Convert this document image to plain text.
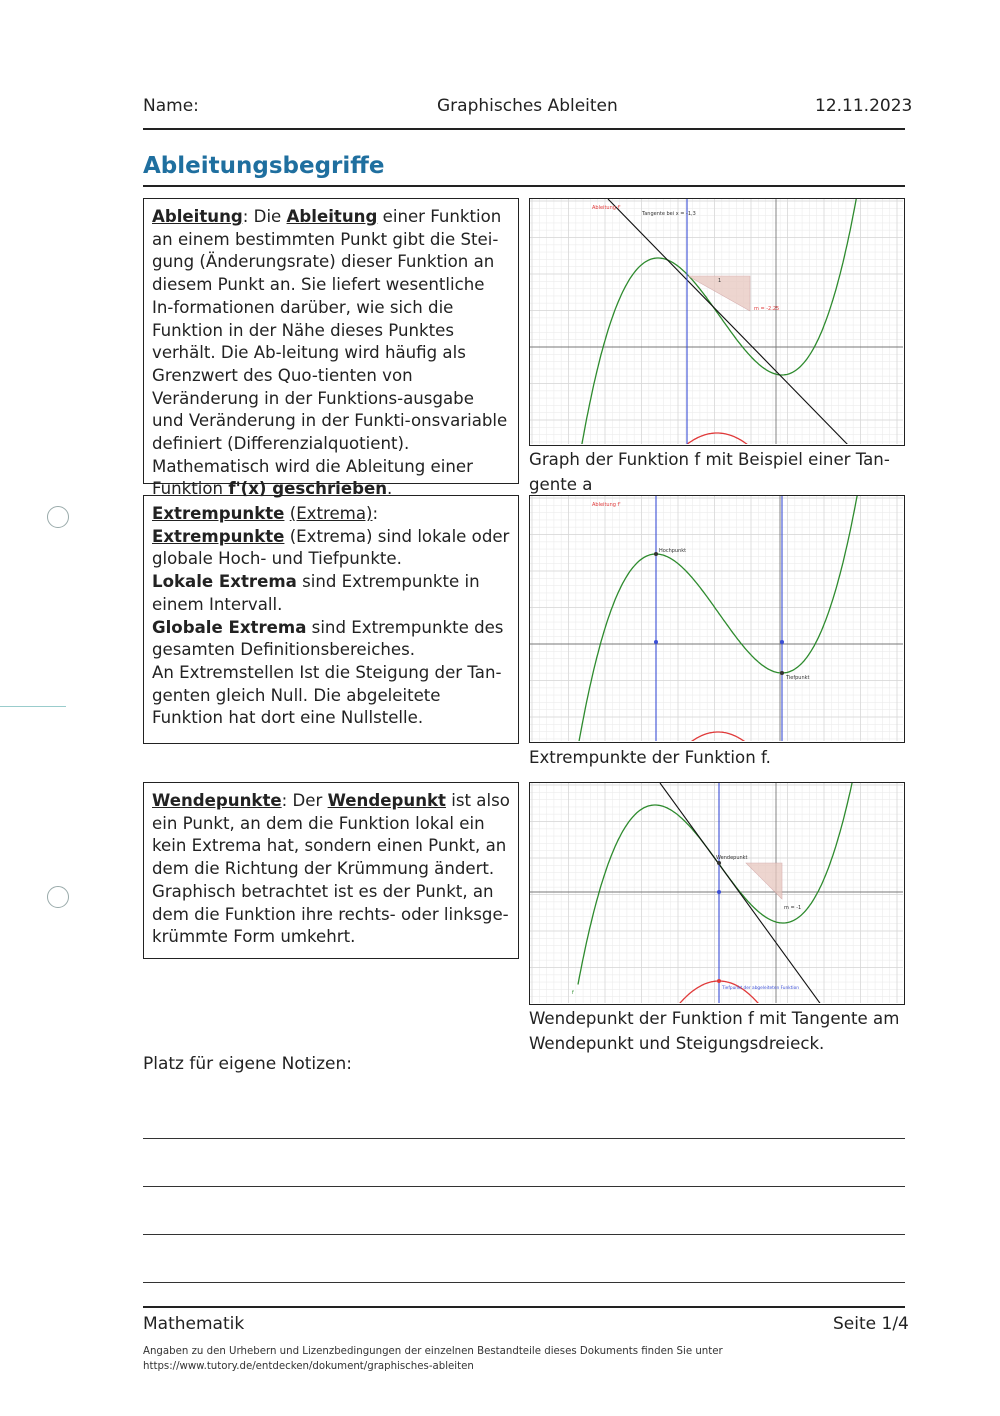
Name:	Graphisches Ableiten	12.11.2023
Ableitungsbegriffe
Ableitung: Die Ableitung einer Funktion an einem bestimmten Punkt gibt die Stei-gung (Änderungsrate) dieser Funktion an diesem Punkt an. Sie liefert wesentliche In-formationen darüber, wie sich die Funktion in der Nähe dieses Punktes verhält. Die Ab-leitung wird häufig als Grenzwert des Quo-tienten von Veränderung in der Funktions-ausgabe und Veränderung in der Funkti-onsvariable definiert (Differenzialquotient). Mathematisch wird die Ableitung einer Funktion f'(x) geschrieben.
Extrempunkte (Extrema): Extrempunkte (Extrema) sind lokale oder globale Hoch- und Tiefpunkte.
Lokale Extrema sind Extrempunkte in einem Intervall.
Globale Extrema sind Extrempunkte des gesamten Definitionsbereiches.
An Extremstellen Ist die Steigung der Tan-genten gleich Null. Die abgeleitete Funktion hat dort eine Nullstelle.
Wendepunkte: Der Wendepunkt ist also ein Punkt, an dem die Funktion lokal ein kein Extrema hat, sondern einen Punkt, an dem die Richtung der Krümmung ändert. Graphisch betrachtet ist es der Punkt, an dem die Funktion ihre rechts- oder linksge-krümmte Form umkehrt.
Ableitung f'
Tangente bei x = -1,3
m = -2.25
1
Graph der Funktion f mit Beispiel einer Tan-gente a
Ableitung f'
Hochpunkt
Tiefpunkt
Extrempunkte der Funktion f.
Wendepunkt
m = -1
Tiefpunkt der abgeleiteten Funktion
f
Wendepunkt der Funktion f mit Tangente am Wendepunkt und Steigungsdreieck.
Platz für eigene Notizen:
Mathematik	Seite 1/4
Angaben zu den Urhebern und Lizenzbedingungen der einzelnen Bestandteile dieses Dokuments finden Sie unter
https://www.tutory.de/entdecken/dokument/graphisches-ableiten
